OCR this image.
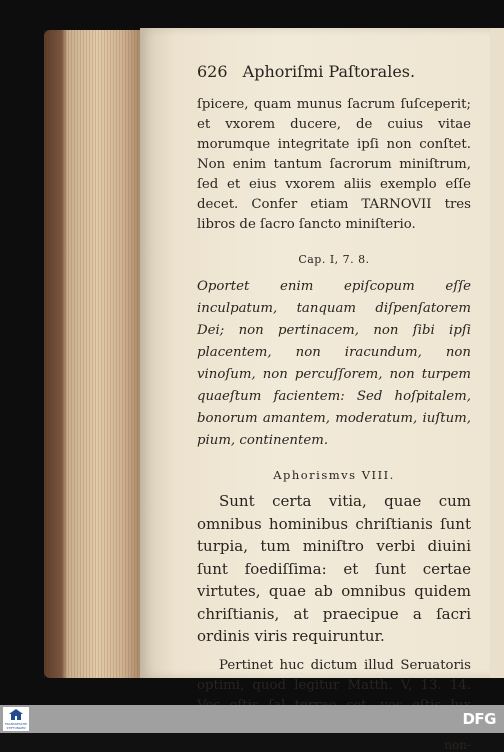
626 Aphoriſmi Paſtorales.

ſpicere, quam munus ſacrum ſuſceperit; et vxorem ducere, de cuius vitae morumque integritate ipſi non conſtet. Non enim tantum ſacrorum miniſtrum, ſed et eius vxorem aliis exemplo eſſe decet. Confer etiam TARNOVII tres libros de ſacro ſancto miniſterio.

Cap. I, 7. 8.

Oportet enim epiſcopum eſſe inculpatum, tanquam diſpenſatorem Dei; non pertinacem, non ſibi ipſi placentem, non iracundum, non vinoſum, non percuſſorem, non turpem quaeſtum facientem: Sed hoſpitalem, bonorum amantem, moderatum, iuſtum, pium, continentem.

Aphorismvs VIII.

Sunt certa vitia, quae cum omnibus hominibus chriſtianis ſunt turpia, tum miniſtro verbi diuini ſunt foediſſima: et ſunt certae virtutes, quae ab omnibus quidem chriſtianis, at praecipue a ſacri ordinis viris requiruntur.

Pertinet huc dictum illud Seruatoris optimi, quod legitur Matth. V, 13. 14.

non-
FRANCKESCHE STIFTUNGEN	DFG
